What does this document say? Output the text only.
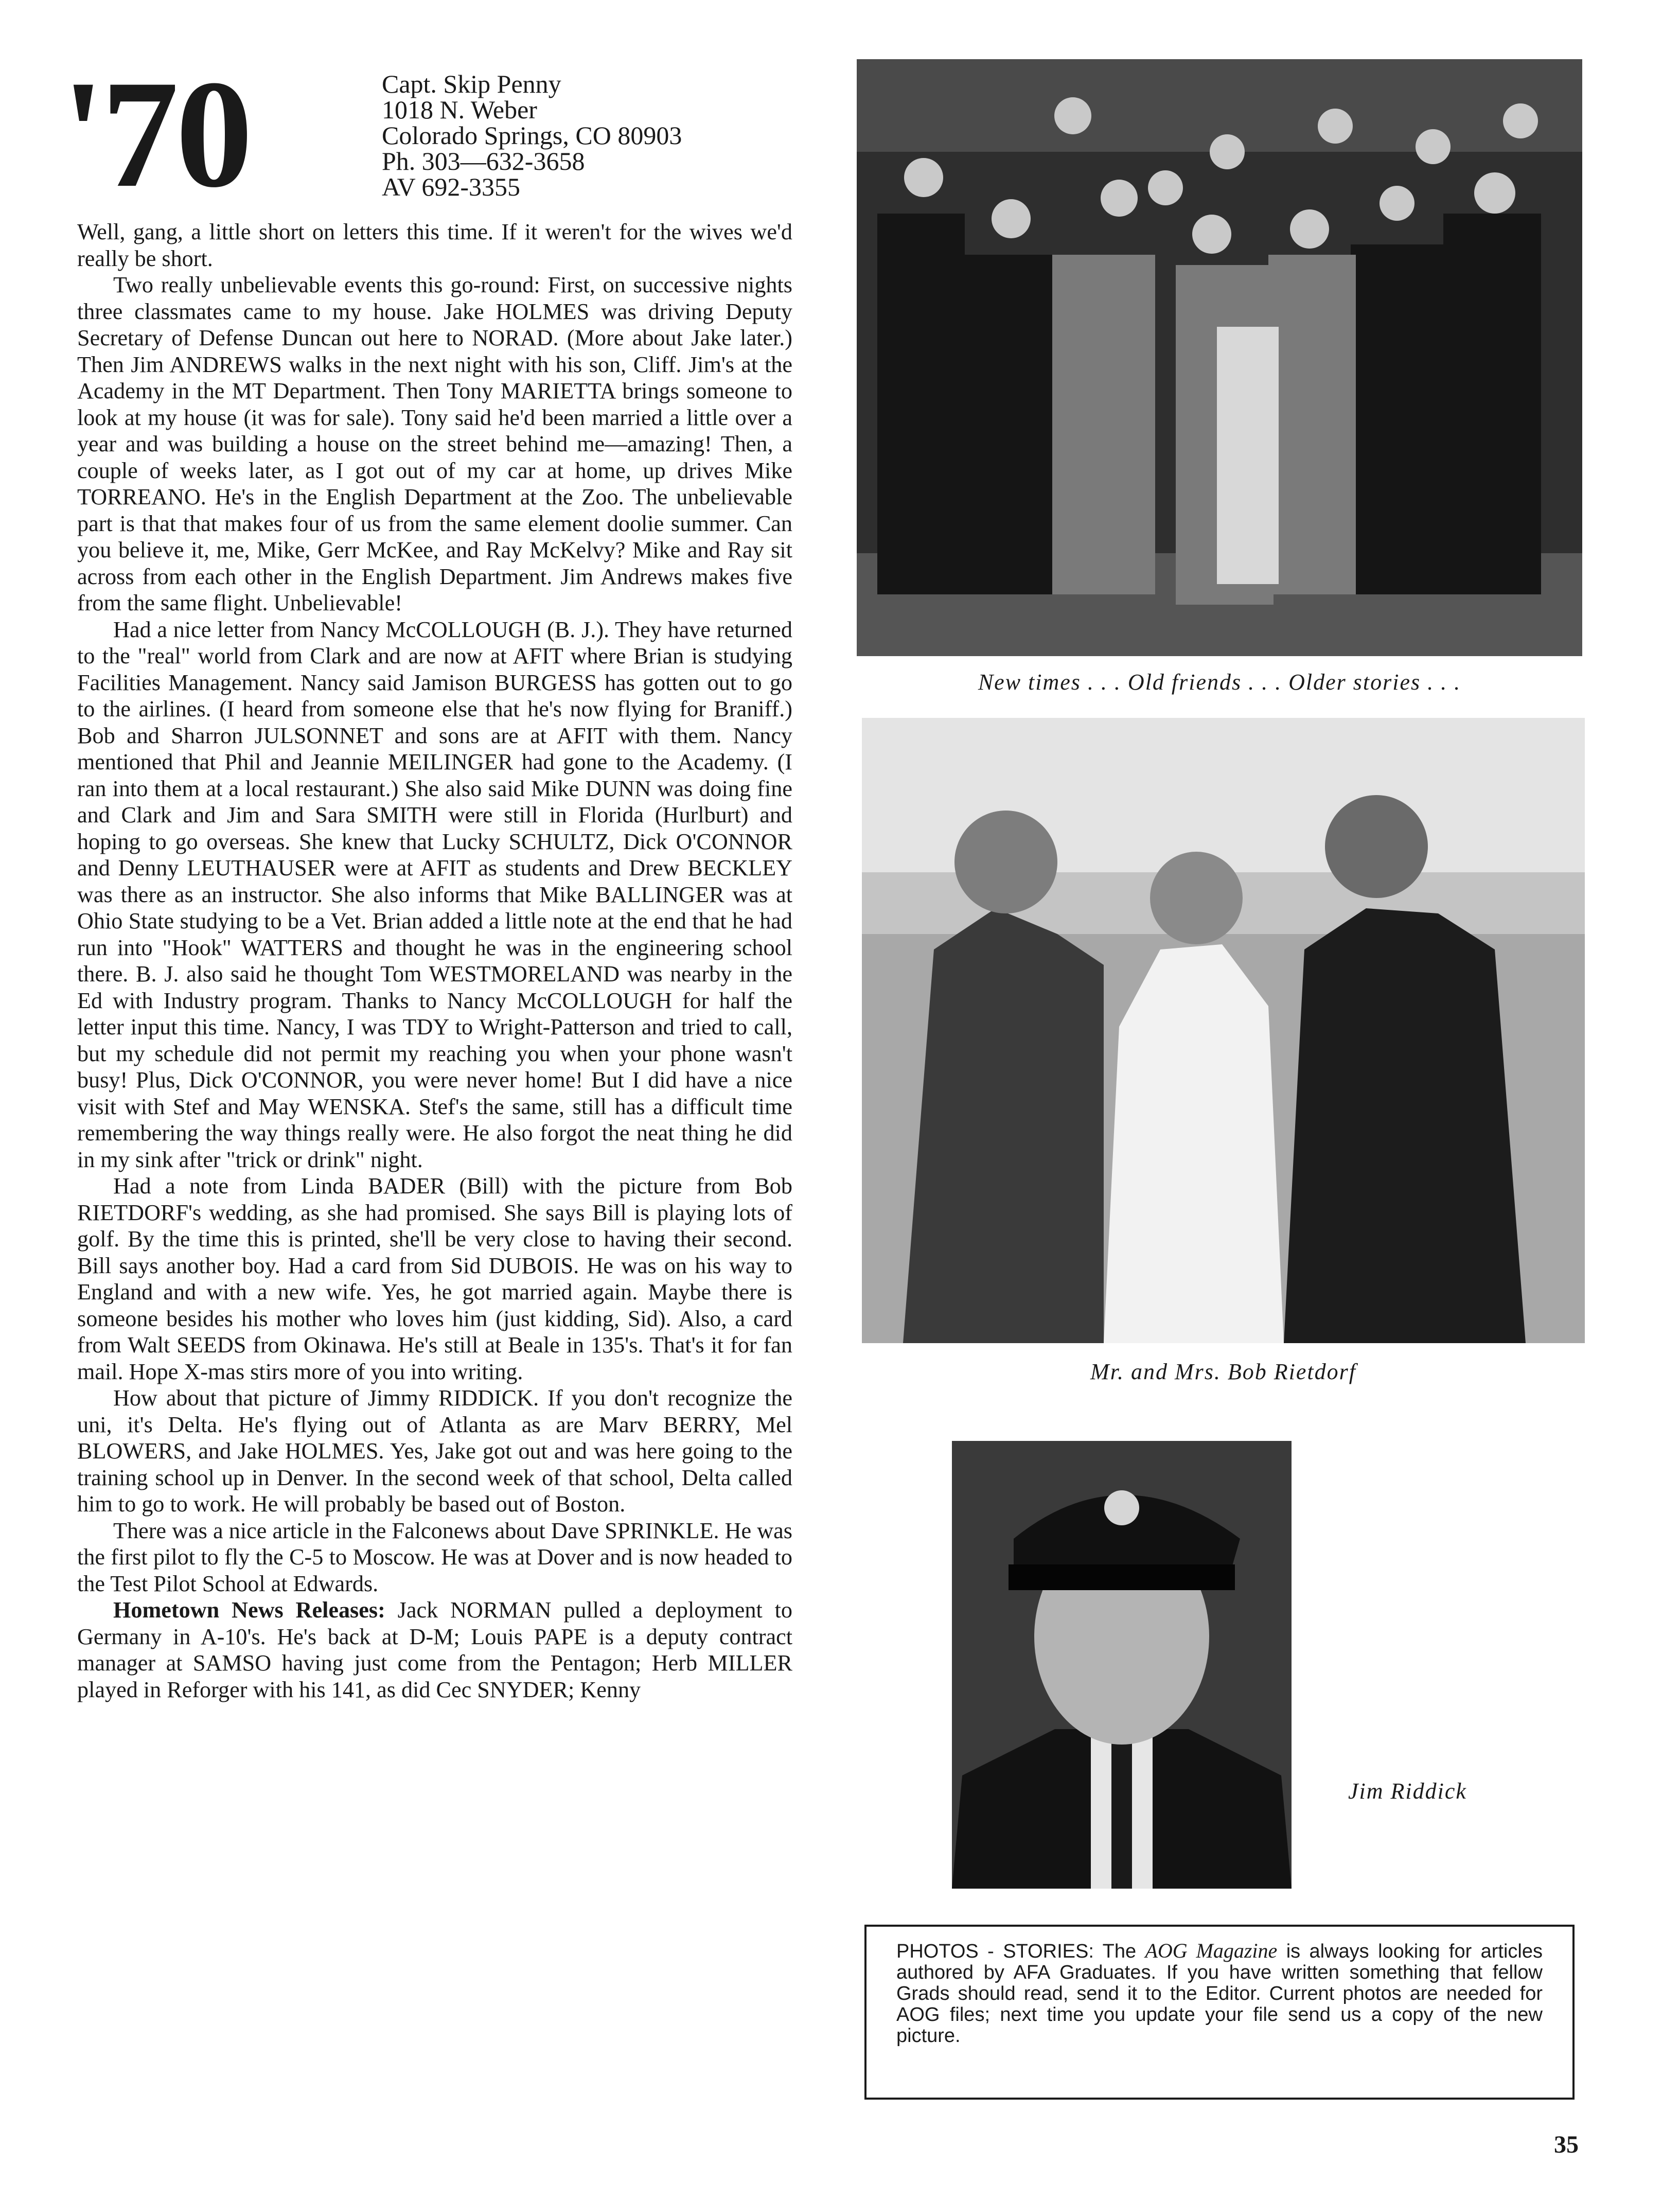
'70	Capt. Skip Penny
1018 N. Weber
Colorado Springs, CO 80903
Ph. 303—632-3658
AV 692-3355

Well, gang, a little short on letters this time. If it weren't for the wives we'd really be short.

Two really unbelievable events this go-round: First, on successive nights three classmates came to my house. Jake HOLMES was driving Deputy Secretary of Defense Duncan out here to NORAD. (More about Jake later.) Then Jim ANDREWS walks in the next night with his son, Cliff. Jim's at the Academy in the MT Department. Then Tony MARIETTA brings someone to look at my house (it was for sale). Tony said he'd been married a little over a year and was building a house on the street behind me—amazing! Then, a couple of weeks later, as I got out of my car at home, up drives Mike TORREANO. He's in the English Department at the Zoo. The unbelievable part is that that makes four of us from the same element doolie summer. Can you believe it, me, Mike, Gerr McKee, and Ray McKelvy? Mike and Ray sit across from each other in the English Department. Jim Andrews makes five from the same flight. Unbelievable!

Had a nice letter from Nancy McCOLLOUGH (B. J.). They have returned to the "real" world from Clark and are now at AFIT where Brian is studying Facilities Management. Nancy said Jamison BURGESS has gotten out to go to the airlines. (I heard from someone else that he's now flying for Braniff.) Bob and Sharron JULSONNET and sons are at AFIT with them. Nancy mentioned that Phil and Jeannie MEILINGER had gone to the Academy. (I ran into them at a local restaurant.) She also said Mike DUNN was doing fine and Clark and Jim and Sara SMITH were still in Florida (Hurlburt) and hoping to go overseas. She knew that Lucky SCHULTZ, Dick O'CONNOR and Denny LEUTHAUSER were at AFIT as students and Drew BECKLEY was there as an instructor. She also informs that Mike BALLINGER was at Ohio State studying to be a Vet. Brian added a little note at the end that he had run into "Hook" WATTERS and thought he was in the engineering school there. B. J. also said he thought Tom WESTMORELAND was nearby in the Ed with Industry program. Thanks to Nancy McCOLLOUGH for half the letter input this time. Nancy, I was TDY to Wright-Patterson and tried to call, but my schedule did not permit my reaching you when your phone wasn't busy! Plus, Dick O'CONNOR, you were never home! But I did have a nice visit with Stef and May WENSKA. Stef's the same, still has a difficult time remembering the way things really were. He also forgot the neat thing he did in my sink after "trick or drink" night.

Had a note from Linda BADER (Bill) with the picture from Bob RIETDORF's wedding, as she had promised. She says Bill is playing lots of golf. By the time this is printed, she'll be very close to having their second. Bill says another boy. Had a card from Sid DUBOIS. He was on his way to England and with a new wife. Yes, he got married again. Maybe there is someone besides his mother who loves him (just kidding, Sid). Also, a card from Walt SEEDS from Okinawa. He's still at Beale in 135's. That's it for fan mail. Hope X-mas stirs more of you into writing.

How about that picture of Jimmy RIDDICK. If you don't recognize the uni, it's Delta. He's flying out of Atlanta as are Marv BERRY, Mel BLOWERS, and Jake HOLMES. Yes, Jake got out and was here going to the training school up in Denver. In the second week of that school, Delta called him to go to work. He will probably be based out of Boston.

There was a nice article in the Falconews about Dave SPRINKLE. He was the first pilot to fly the C-5 to Moscow. He was at Dover and is now headed to the Test Pilot School at Edwards.

Hometown News Releases: Jack NORMAN pulled a deployment to Germany in A-10's. He's back at D-M; Louis PAPE is a deputy contract manager at SAMSO having just come from the Pentagon; Herb MILLER played in Reforger with his 141, as did Cec SNYDER; Kenny

New times . . . Old friends . . . Older stories . . .
Mr. and Mrs. Bob Rietdorf
Jim Riddick
PHOTOS - STORIES: The AOG Magazine is always looking for articles authored by AFA Graduates. If you have written something that fellow Grads should read, send it to the Editor. Current photos are needed for AOG files; next time you update your file send us a copy of the new picture.
35
